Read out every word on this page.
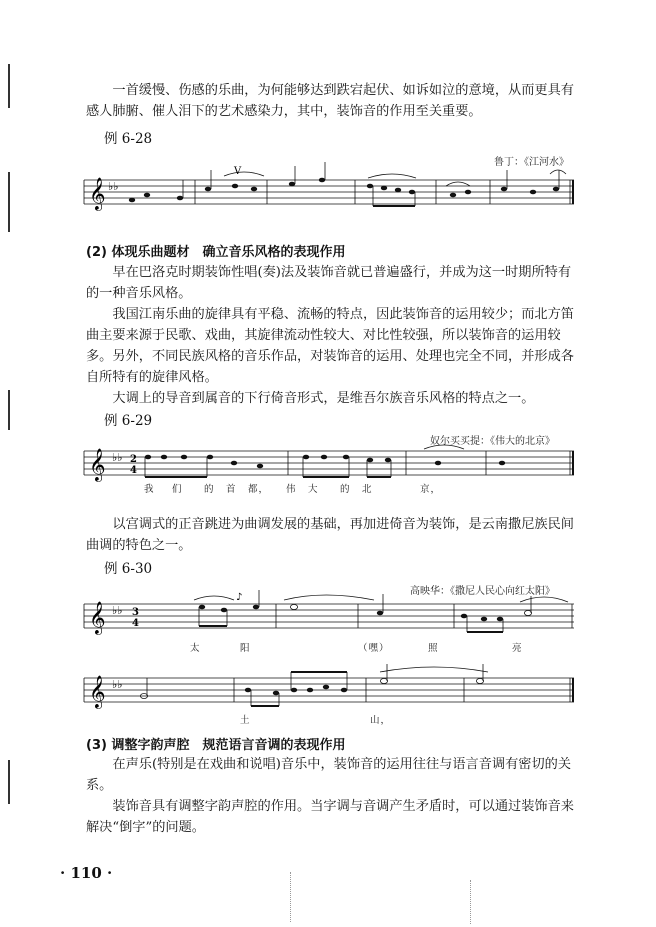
一首缓慢、伤感的乐曲，为何能够达到跌宕起伏、如诉如泣的意境，从而更具有感人肺腑、催人泪下的艺术感染力，其中，装饰音的作用至关重要。
例 6-28
鲁丁：《江河水》
𝄞 ♭♭
V
(2) 体现乐曲题材　确立音乐风格的表现作用
早在巴洛克时期装饰性唱(奏)法及装饰音就已普遍盛行，并成为这一时期所特有的一种音乐风格。
我国江南乐曲的旋律具有平稳、流畅的特点，因此装饰音的运用较少；而北方笛曲主要来源于民歌、戏曲，其旋律流动性较大、对比性较强，所以装饰音的运用较多。 另外，不同民族风格的音乐作品，对装饰音的运用、处理也完全不同，并形成各自所特有的旋律风格。
大调上的导音到属音的下行倚音形式，是维吾尔族音乐风格的特点之一。
例 6-29
奴尔买买提：《伟大的北京》
𝄞 ♭♭ 2
4
我 们 的 首 都， 伟 大 的 北	京，
以宫调式的正音跳进为曲调发展的基础，再加进倚音为装饰，是云南撒尼族民间曲调的特色之一。
例 6-30
高映华：《撒尼人民心向红太阳》
𝄞 ♭♭ 3
4
♪
太	阳	（嘿）	照	亮
𝄞 ♭♭
土	山，
(3) 调整字韵声腔　规范语言音调的表现作用
在声乐(特别是在戏曲和说唱)音乐中，装饰音的运用往往与语言音调有密切的关系。
装饰音具有调整字韵声腔的作用。当字调与音调产生矛盾时，可以通过装饰音来解决“倒字”的问题。
· 110 ·
